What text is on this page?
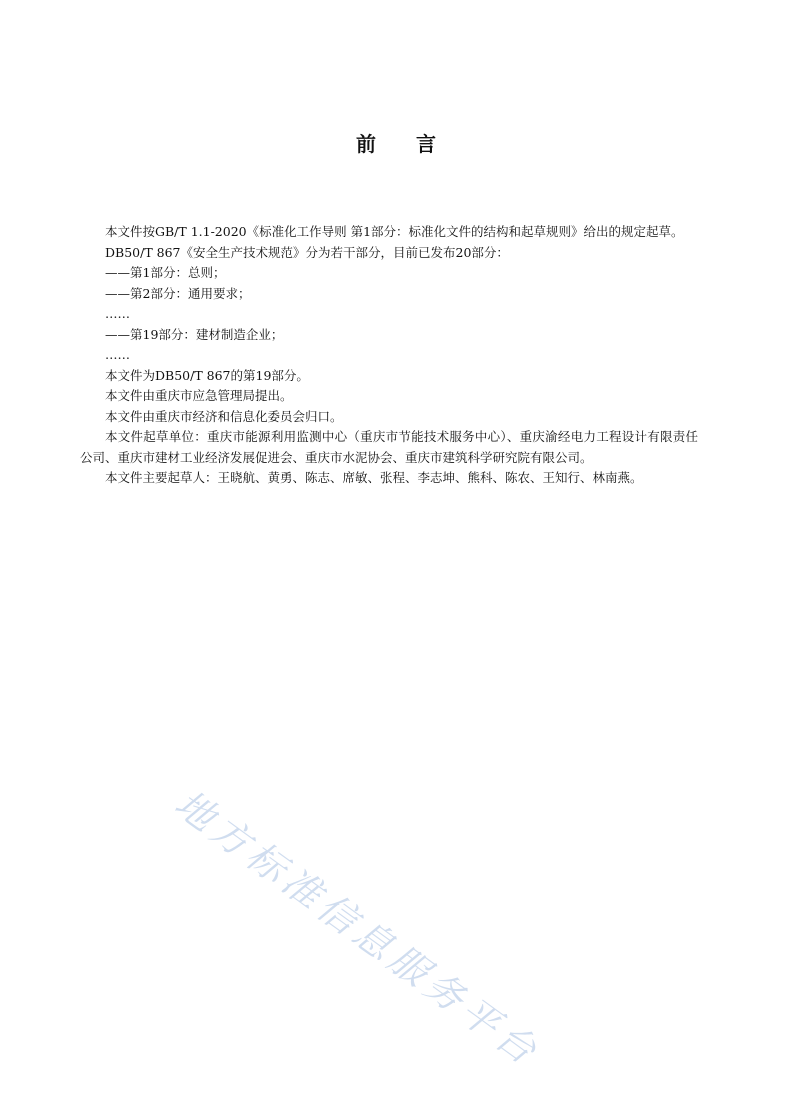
前 言

本文件按GB/T 1.1-2020《标准化工作导则 第1部分：标准化文件的结构和起草规则》给出的规定起草。

DB50/T 867《安全生产技术规范》分为若干部分，目前已发布20部分：

——第1部分：总则；

——第2部分：通用要求；

……

——第19部分：建材制造企业；

……

本文件为DB50/T 867的第19部分。

本文件由重庆市应急管理局提出。

本文件由重庆市经济和信息化委员会归口。

本文件起草单位：重庆市能源利用监测中心（重庆市节能技术服务中心）、重庆渝经电力工程设计有限责任公司、重庆市建材工业经济发展促进会、重庆市水泥协会、重庆市建筑科学研究院有限公司。

本文件主要起草人：王晓航、黄勇、陈志、席敏、张程、李志坤、熊科、陈农、王知行、林南燕。

地方标准信息服务平台
